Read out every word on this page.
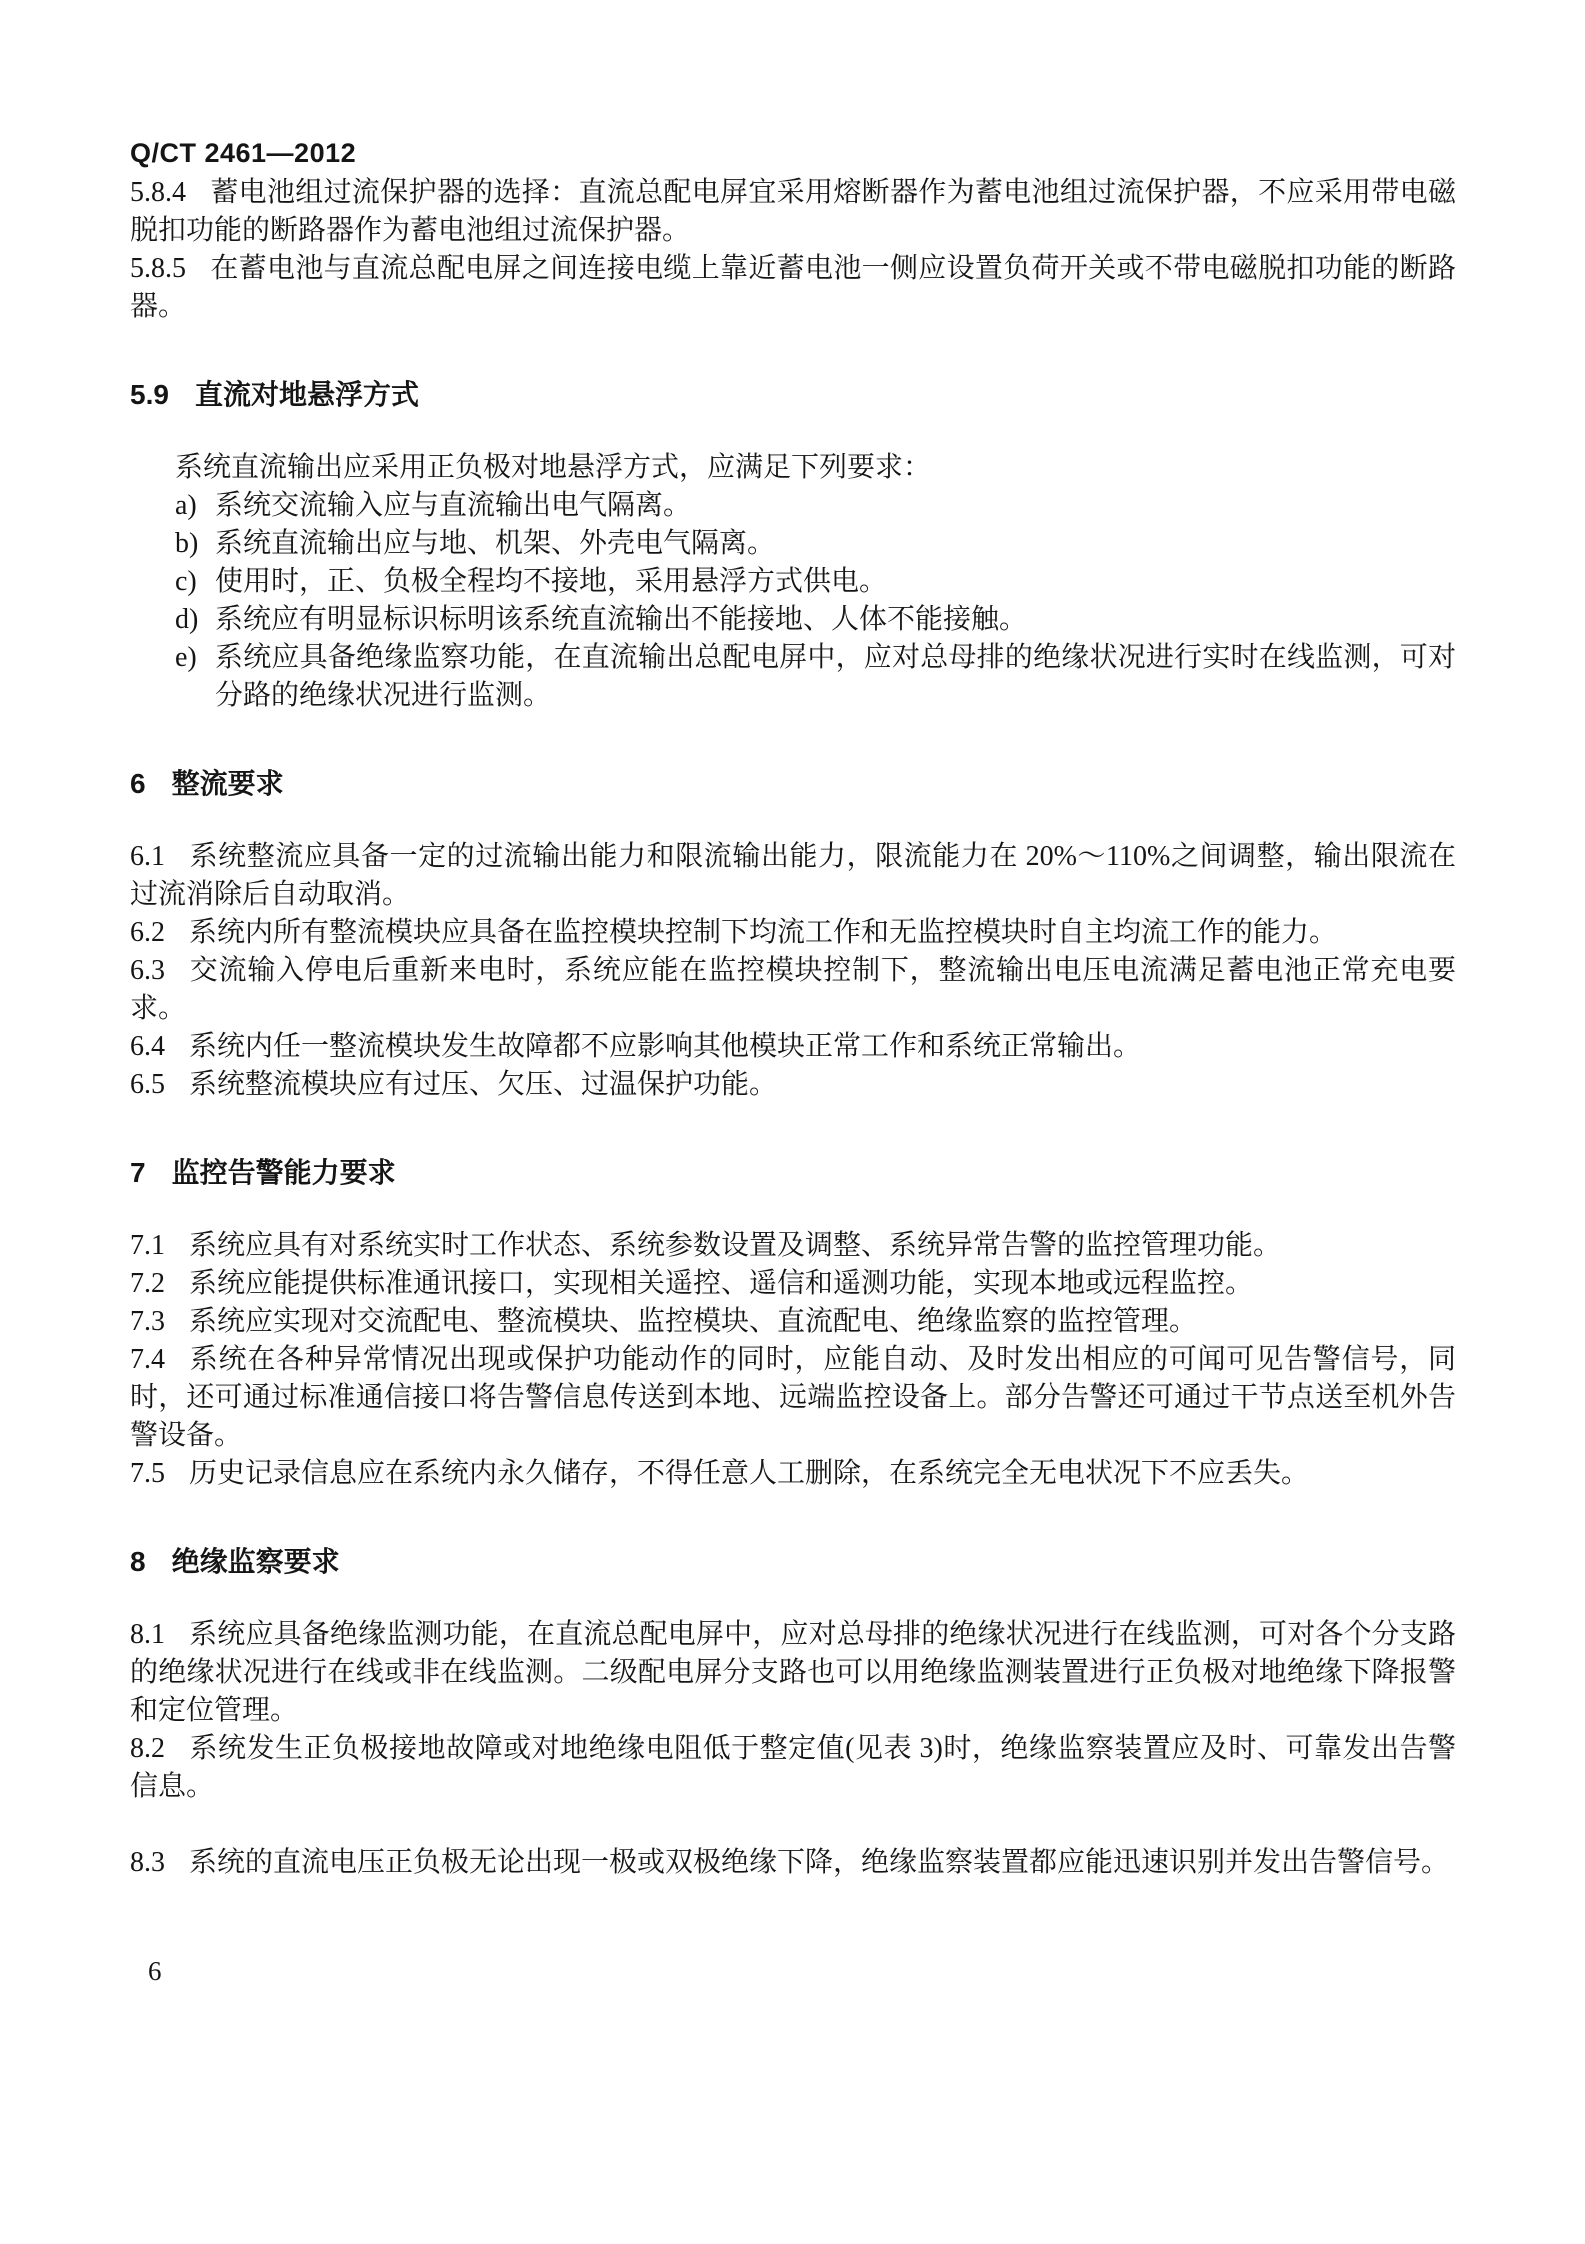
Q/CT 2461—2012
5.8.4 蓄电池组过流保护器的选择：直流总配电屏宜采用熔断器作为蓄电池组过流保护器，不应采用带电磁脱扣功能的断路器作为蓄电池组过流保护器。
5.8.5 在蓄电池与直流总配电屏之间连接电缆上靠近蓄电池一侧应设置负荷开关或不带电磁脱扣功能的断路器。
5.9 直流对地悬浮方式
系统直流输出应采用正负极对地悬浮方式，应满足下列要求：
a) 系统交流输入应与直流输出电气隔离。
b) 系统直流输出应与地、机架、外壳电气隔离。
c) 使用时，正、负极全程均不接地，采用悬浮方式供电。
d) 系统应有明显标识标明该系统直流输出不能接地、人体不能接触。
e) 系统应具备绝缘监察功能，在直流输出总配电屏中，应对总母排的绝缘状况进行实时在线监测，可对分路的绝缘状况进行监测。
6 整流要求
6.1 系统整流应具备一定的过流输出能力和限流输出能力，限流能力在 20%～110%之间调整，输出限流在过流消除后自动取消。
6.2 系统内所有整流模块应具备在监控模块控制下均流工作和无监控模块时自主均流工作的能力。
6.3 交流输入停电后重新来电时，系统应能在监控模块控制下，整流输出电压电流满足蓄电池正常充电要求。
6.4 系统内任一整流模块发生故障都不应影响其他模块正常工作和系统正常输出。
6.5 系统整流模块应有过压、欠压、过温保护功能。
7 监控告警能力要求
7.1 系统应具有对系统实时工作状态、系统参数设置及调整、系统异常告警的监控管理功能。
7.2 系统应能提供标准通讯接口，实现相关遥控、遥信和遥测功能，实现本地或远程监控。
7.3 系统应实现对交流配电、整流模块、监控模块、直流配电、绝缘监察的监控管理。
7.4 系统在各种异常情况出现或保护功能动作的同时，应能自动、及时发出相应的可闻可见告警信号，同时，还可通过标准通信接口将告警信息传送到本地、远端监控设备上。部分告警还可通过干节点送至机外告警设备。
7.5 历史记录信息应在系统内永久储存，不得任意人工删除，在系统完全无电状况下不应丢失。
8 绝缘监察要求
8.1 系统应具备绝缘监测功能，在直流总配电屏中，应对总母排的绝缘状况进行在线监测，可对各个分支路的绝缘状况进行在线或非在线监测。二级配电屏分支路也可以用绝缘监测装置进行正负极对地绝缘下降报警和定位管理。
8.2 系统发生正负极接地故障或对地绝缘电阻低于整定值(见表 3)时，绝缘监察装置应及时、可靠发出告警信息。
8.3 系统的直流电压正负极无论出现一极或双极绝缘下降，绝缘监察装置都应能迅速识别并发出告警信号。
6
